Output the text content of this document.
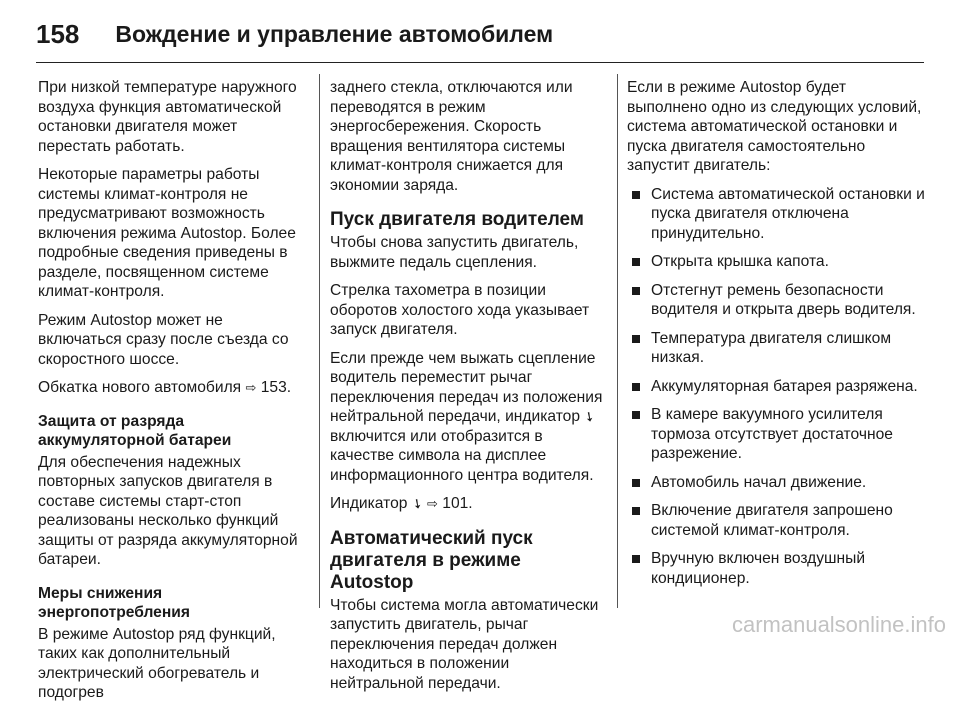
158 Вождение и управление автомобилем

При низкой температуре наружного воздуха функция автоматической остановки двигателя может перестать работать.

Некоторые параметры работы системы климат-контроля не предусматривают возможность включения режима Autostop. Более подробные сведения приведены в разделе, посвященном системе климат-контроля.

Режим Autostop может не включаться сразу после съезда со скоростного шоссе.

Обкатка нового автомобиля ⇨ 153.

Защита от разряда аккумуляторной батареи

Для обеспечения надежных повторных запусков двигателя в составе системы старт-стоп реализованы несколько функций защиты от разряда аккумуляторной батареи.

Меры снижения энергопотребления

В режиме Autostop ряд функций, таких как дополнительный электрический обогреватель и подогрев

заднего стекла, отключаются или переводятся в режим энергосбережения. Скорость вращения вентилятора системы климат-контроля снижается для экономии заряда.

Пуск двигателя водителем

Чтобы снова запустить двигатель, выжмите педаль сцепления.

Стрелка тахометра в позиции оборотов холостого хода указывает запуск двигателя.

Если прежде чем выжать сцепление водитель переместит рычаг переключения передач из положения нейтральной передачи, индикатор ➘ включится или отобразится в качестве символа на дисплее информационного центра водителя.

Индикатор ➘ ⇨ 101.

Автоматический пуск двигателя в режиме Autostop

Чтобы система могла автоматически запустить двигатель, рычаг переключения передач должен находиться в положении нейтральной передачи.

Если в режиме Autostop будет выполнено одно из следующих условий, система автоматической остановки и пуска двигателя самостоятельно запустит двигатель:

Система автоматической остановки и пуска двигателя отключена принудительно.
Открыта крышка капота.
Отстегнут ремень безопасности водителя и открыта дверь водителя.
Температура двигателя слишком низкая.
Аккумуляторная батарея разряжена.
В камере вакуумного усилителя тормоза отсутствует достаточное разрежение.
Автомобиль начал движение.
Включение двигателя запрошено системой климат-контроля.
Вручную включен воздушный кондиционер.
carmanualsonline.info
